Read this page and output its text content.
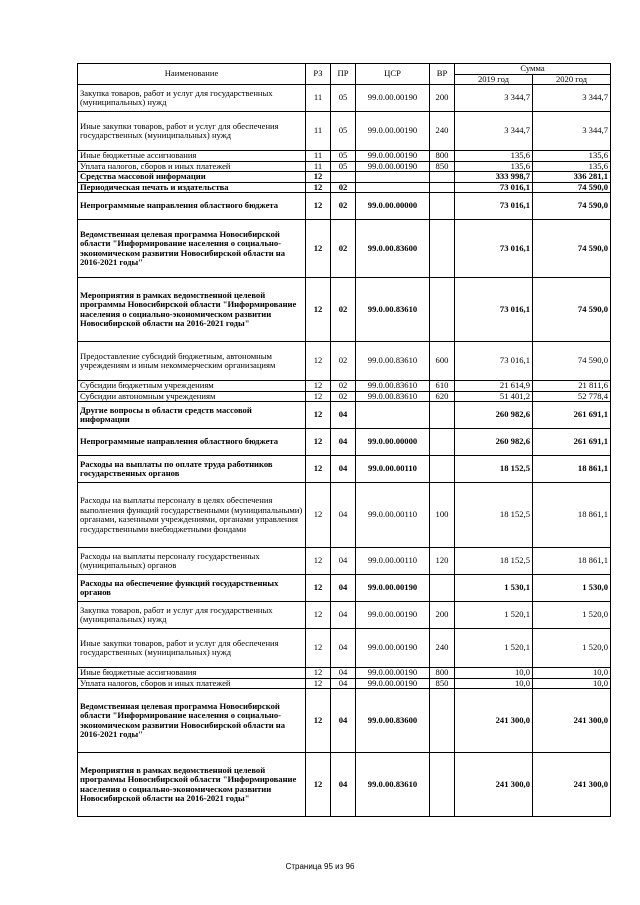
Наименование	РЗ	ПР	ЦСР	ВР	Сумма	
					2019 год	2020 год
Закупка товаров, работ и услуг для государственных (муниципальных) нужд	11	05	99.0.00.00190	200	3 344,7	3 344,7
Иные закупки товаров, работ и услуг для обеспечения государственных (муниципальных) нужд	11	05	99.0.00.00190	240	3 344,7	3 344,7
Иные бюджетные ассигнования	11	05	99.0.00.00190	800	135,6	135,6
Уплата налогов, сборов и иных платежей	11	05	99.0.00.00190	850	135,6	135,6
Средства массовой информации	12				333 998,7	336 281,1
Периодическая печать и издательства	12	02			73 016,1	74 590,0
Непрограммные направления областного бюджета	12	02	99.0.00.00000		73 016,1	74 590,0
Ведомственная целевая программа Новосибирской области "Информирование населения о социально-экономическом развитии Новосибирской области на 2016-2021 годы"	12	02	99.0.00.83600		73 016,1	74 590,0
Мероприятия в рамках ведомственной целевой программы Новосибирской области "Информирование населения о социально-экономическом развитии Новосибирской области на 2016-2021 годы"	12	02	99.0.00.83610		73 016,1	74 590,0
Предоставление субсидий бюджетным, автономным учреждениям и иным некоммерческим организациям	12	02	99.0.00.83610	600	73 016,1	74 590,0
Субсидии бюджетным учреждениям	12	02	99.0.00.83610	610	21 614,9	21 811,6
Субсидии автономным учреждениям	12	02	99.0.00.83610	620	51 401,2	52 778,4
Другие вопросы в области средств массовой информации	12	04			260 982,6	261 691,1
Непрограммные направления областного бюджета	12	04	99.0.00.00000		260 982,6	261 691,1
Расходы на выплаты по оплате труда работников государственных органов	12	04	99.0.00.00110		18 152,5	18 861,1
Расходы на выплаты персоналу в целях обеспечения выполнения функций государственными (муниципальными) органами, казенными учреждениями, органами управления государственными внебюджетными фондами	12	04	99.0.00.00110	100	18 152,5	18 861,1
Расходы на выплаты персоналу государственных (муниципальных) органов	12	04	99.0.00.00110	120	18 152,5	18 861,1
Расходы на обеспечение функций государственных органов	12	04	99.0.00.00190		1 530,1	1 530,0
Закупка товаров, работ и услуг для государственных (муниципальных) нужд	12	04	99.0.00.00190	200	1 520,1	1 520,0
Иные закупки товаров, работ и услуг для обеспечения государственных (муниципальных) нужд	12	04	99.0.00.00190	240	1 520,1	1 520,0
Иные бюджетные ассигнования	12	04	99.0.00.00190	800	10,0	10,0
Уплата налогов, сборов и иных платежей	12	04	99.0.00.00190	850	10,0	10,0
Ведомственная целевая программа Новосибирской области "Информирование населения о социально-экономическом развитии Новосибирской области на 2016-2021 годы"	12	04	99.0.00.83600		241 300,0	241 300,0
Мероприятия в рамках ведомственной целевой программы Новосибирской области "Информирование населения о социально-экономическом развитии Новосибирской области на 2016-2021 годы"	12	04	99.0.00.83610		241 300,0	241 300,0
Страница 95 из 96
